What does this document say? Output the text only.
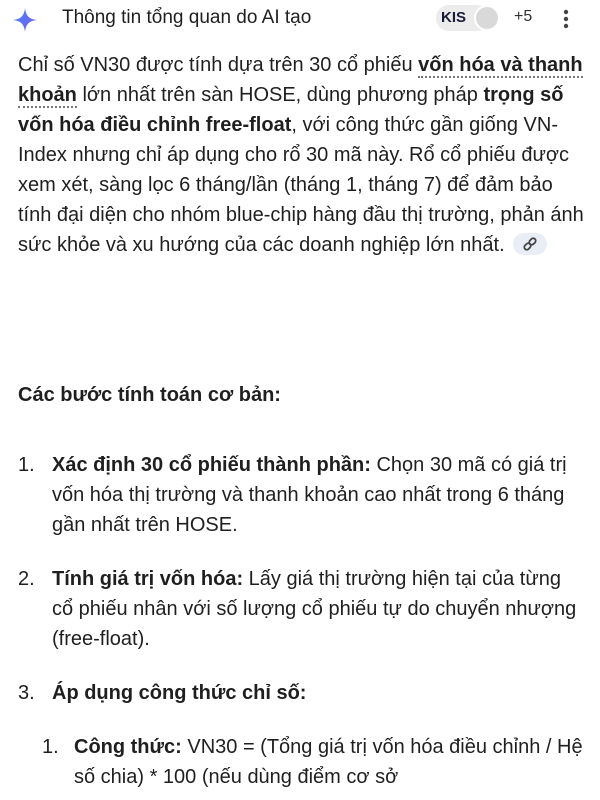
Thông tin tổng quan do AI tạo	KIS	+5

Chỉ số VN30 được tính dựa trên 30 cổ phiếu vốn hóa và thanh khoản lớn nhất trên sàn HOSE, dùng phương pháp trọng số vốn hóa điều chỉnh free-float, với công thức gần giống VN-Index nhưng chỉ áp dụng cho rổ 30 mã này. Rổ cổ phiếu được xem xét, sàng lọc 6 tháng/lần (tháng 1, tháng 7) để đảm bảo tính đại diện cho nhóm blue-chip hàng đầu thị trường, phản ánh sức khỏe và xu hướng của các doanh nghiệp lớn nhất.

Các bước tính toán cơ bản:
1. Xác định 30 cổ phiếu thành phần: Chọn 30 mã có giá trị vốn hóa thị trường và thanh khoản cao nhất trong 6 tháng gần nhất trên HOSE.
2. Tính giá trị vốn hóa: Lấy giá thị trường hiện tại của từng cổ phiếu nhân với số lượng cổ phiếu tự do chuyển nhượng (free-float).
3. Áp dụng công thức chỉ số:
1. Công thức: VN30 = (Tổng giá trị vốn hóa điều chỉnh / Hệ số chia) * 100 (nếu dùng điểm cơ sở
